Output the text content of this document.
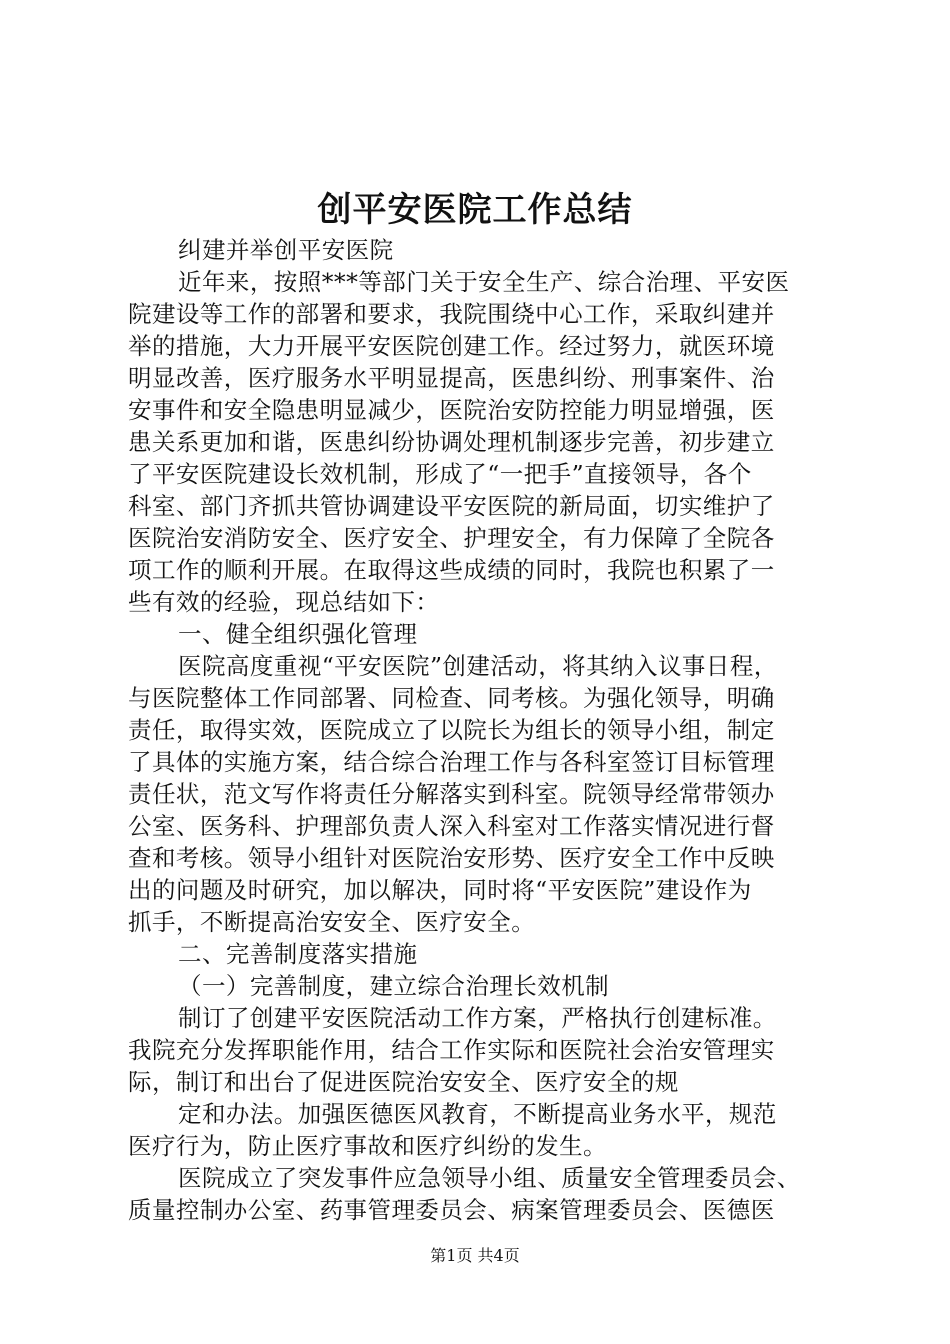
创平安医院工作总结
纠建并举创平安医院
近年来，按照***等部门关于安全生产、综合治理、平安医
院建设等工作的部署和要求，我院围绕中心工作，采取纠建并
举的措施，大力开展平安医院创建工作。经过努力，就医环境
明显改善，医疗服务水平明显提高，医患纠纷、刑事案件、治
安事件和安全隐患明显减少，医院治安防控能力明显增强，医
患关系更加和谐，医患纠纷协调处理机制逐步完善，初步建立
了平安医院建设长效机制，形成了“一把手”直接领导，各个
科室、部门齐抓共管协调建设平安医院的新局面，切实维护了
医院治安消防安全、医疗安全、护理安全，有力保障了全院各
项工作的顺利开展。在取得这些成绩的同时，我院也积累了一
些有效的经验，现总结如下：
一、健全组织强化管理
医院高度重视“平安医院”创建活动，将其纳入议事日程，
与医院整体工作同部署、同检查、同考核。为强化领导，明确
责任，取得实效，医院成立了以院长为组长的领导小组，制定
了具体的实施方案，结合综合治理工作与各科室签订目标管理
责任状，范文写作将责任分解落实到科室。院领导经常带领办
公室、医务科、护理部负责人深入科室对工作落实情况进行督
查和考核。领导小组针对医院治安形势、医疗安全工作中反映
出的问题及时研究，加以解决，同时将“平安医院”建设作为
抓手，不断提高治安安全、医疗安全。
二、完善制度落实措施
（一）完善制度，建立综合治理长效机制
制订了创建平安医院活动工作方案，严格执行创建标准。
我院充分发挥职能作用，结合工作实际和医院社会治安管理实
际，制订和出台了促进医院治安安全、医疗安全的规
定和办法。加强医德医风教育，不断提高业务水平，规范
医疗行为，防止医疗事故和医疗纠纷的发生。
医院成立了突发事件应急领导小组、质量安全管理委员会、
质量控制办公室、药事管理委员会、病案管理委员会、医德医
第1页 共4页
